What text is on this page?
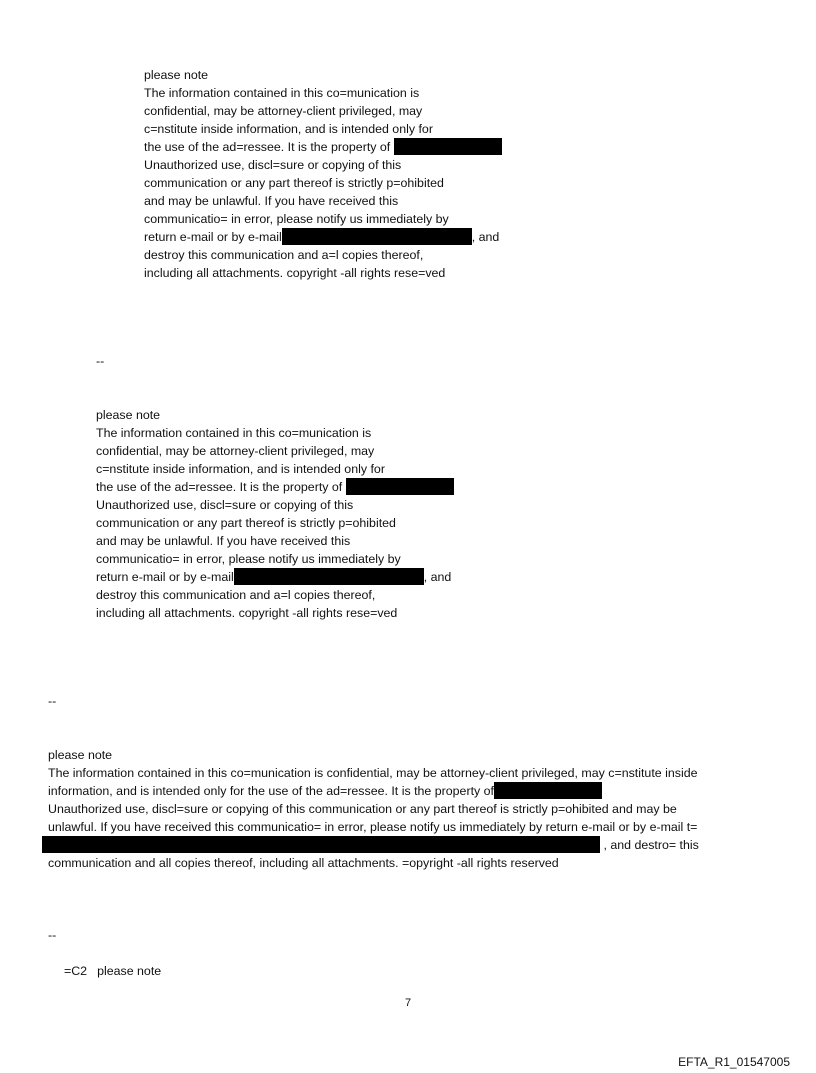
please note
The information contained in this co=munication is
confidential, may be attorney-client privileged, may
c=nstitute inside information, and is intended only for
the use of the ad=ressee. It is the property of
Unauthorized use, discl=sure or copying of this
communication or any part thereof is strictly p=ohibited
and may be unlawful. If you have received this
communicatio= in error, please notify us immediately by
return e-mail or by e-mail	, and
destroy this communication and a=l copies thereof,
including all attachments. copyright -all rights rese=ved
--
please note
The information contained in this co=munication is
confidential, may be attorney-client privileged, may
c=nstitute inside information, and is intended only for
the use of the ad=ressee. It is the property of
Unauthorized use, discl=sure or copying of this
communication or any part thereof is strictly p=ohibited
and may be unlawful. If you have received this
communicatio= in error, please notify us immediately by
return e-mail or by e-mail	, and
destroy this communication and a=l copies thereof,
including all attachments. copyright -all rights rese=ved
--
please note
The information contained in this co=munication is confidential, may be attorney-client privileged, may c=nstitute inside
information, and is intended only for the use of the ad=ressee. It is the property of
Unauthorized use, discl=sure or copying of this communication or any part thereof is strictly p=ohibited and may be
unlawful. If you have received this communicatio= in error, please notify us immediately by return e-mail or by e-mail t=
, and destro= this
communication and all copies thereof, including all attachments. =opyright -all rights reserved
--
=C2 please note
7
EFTA_R1_01547005
